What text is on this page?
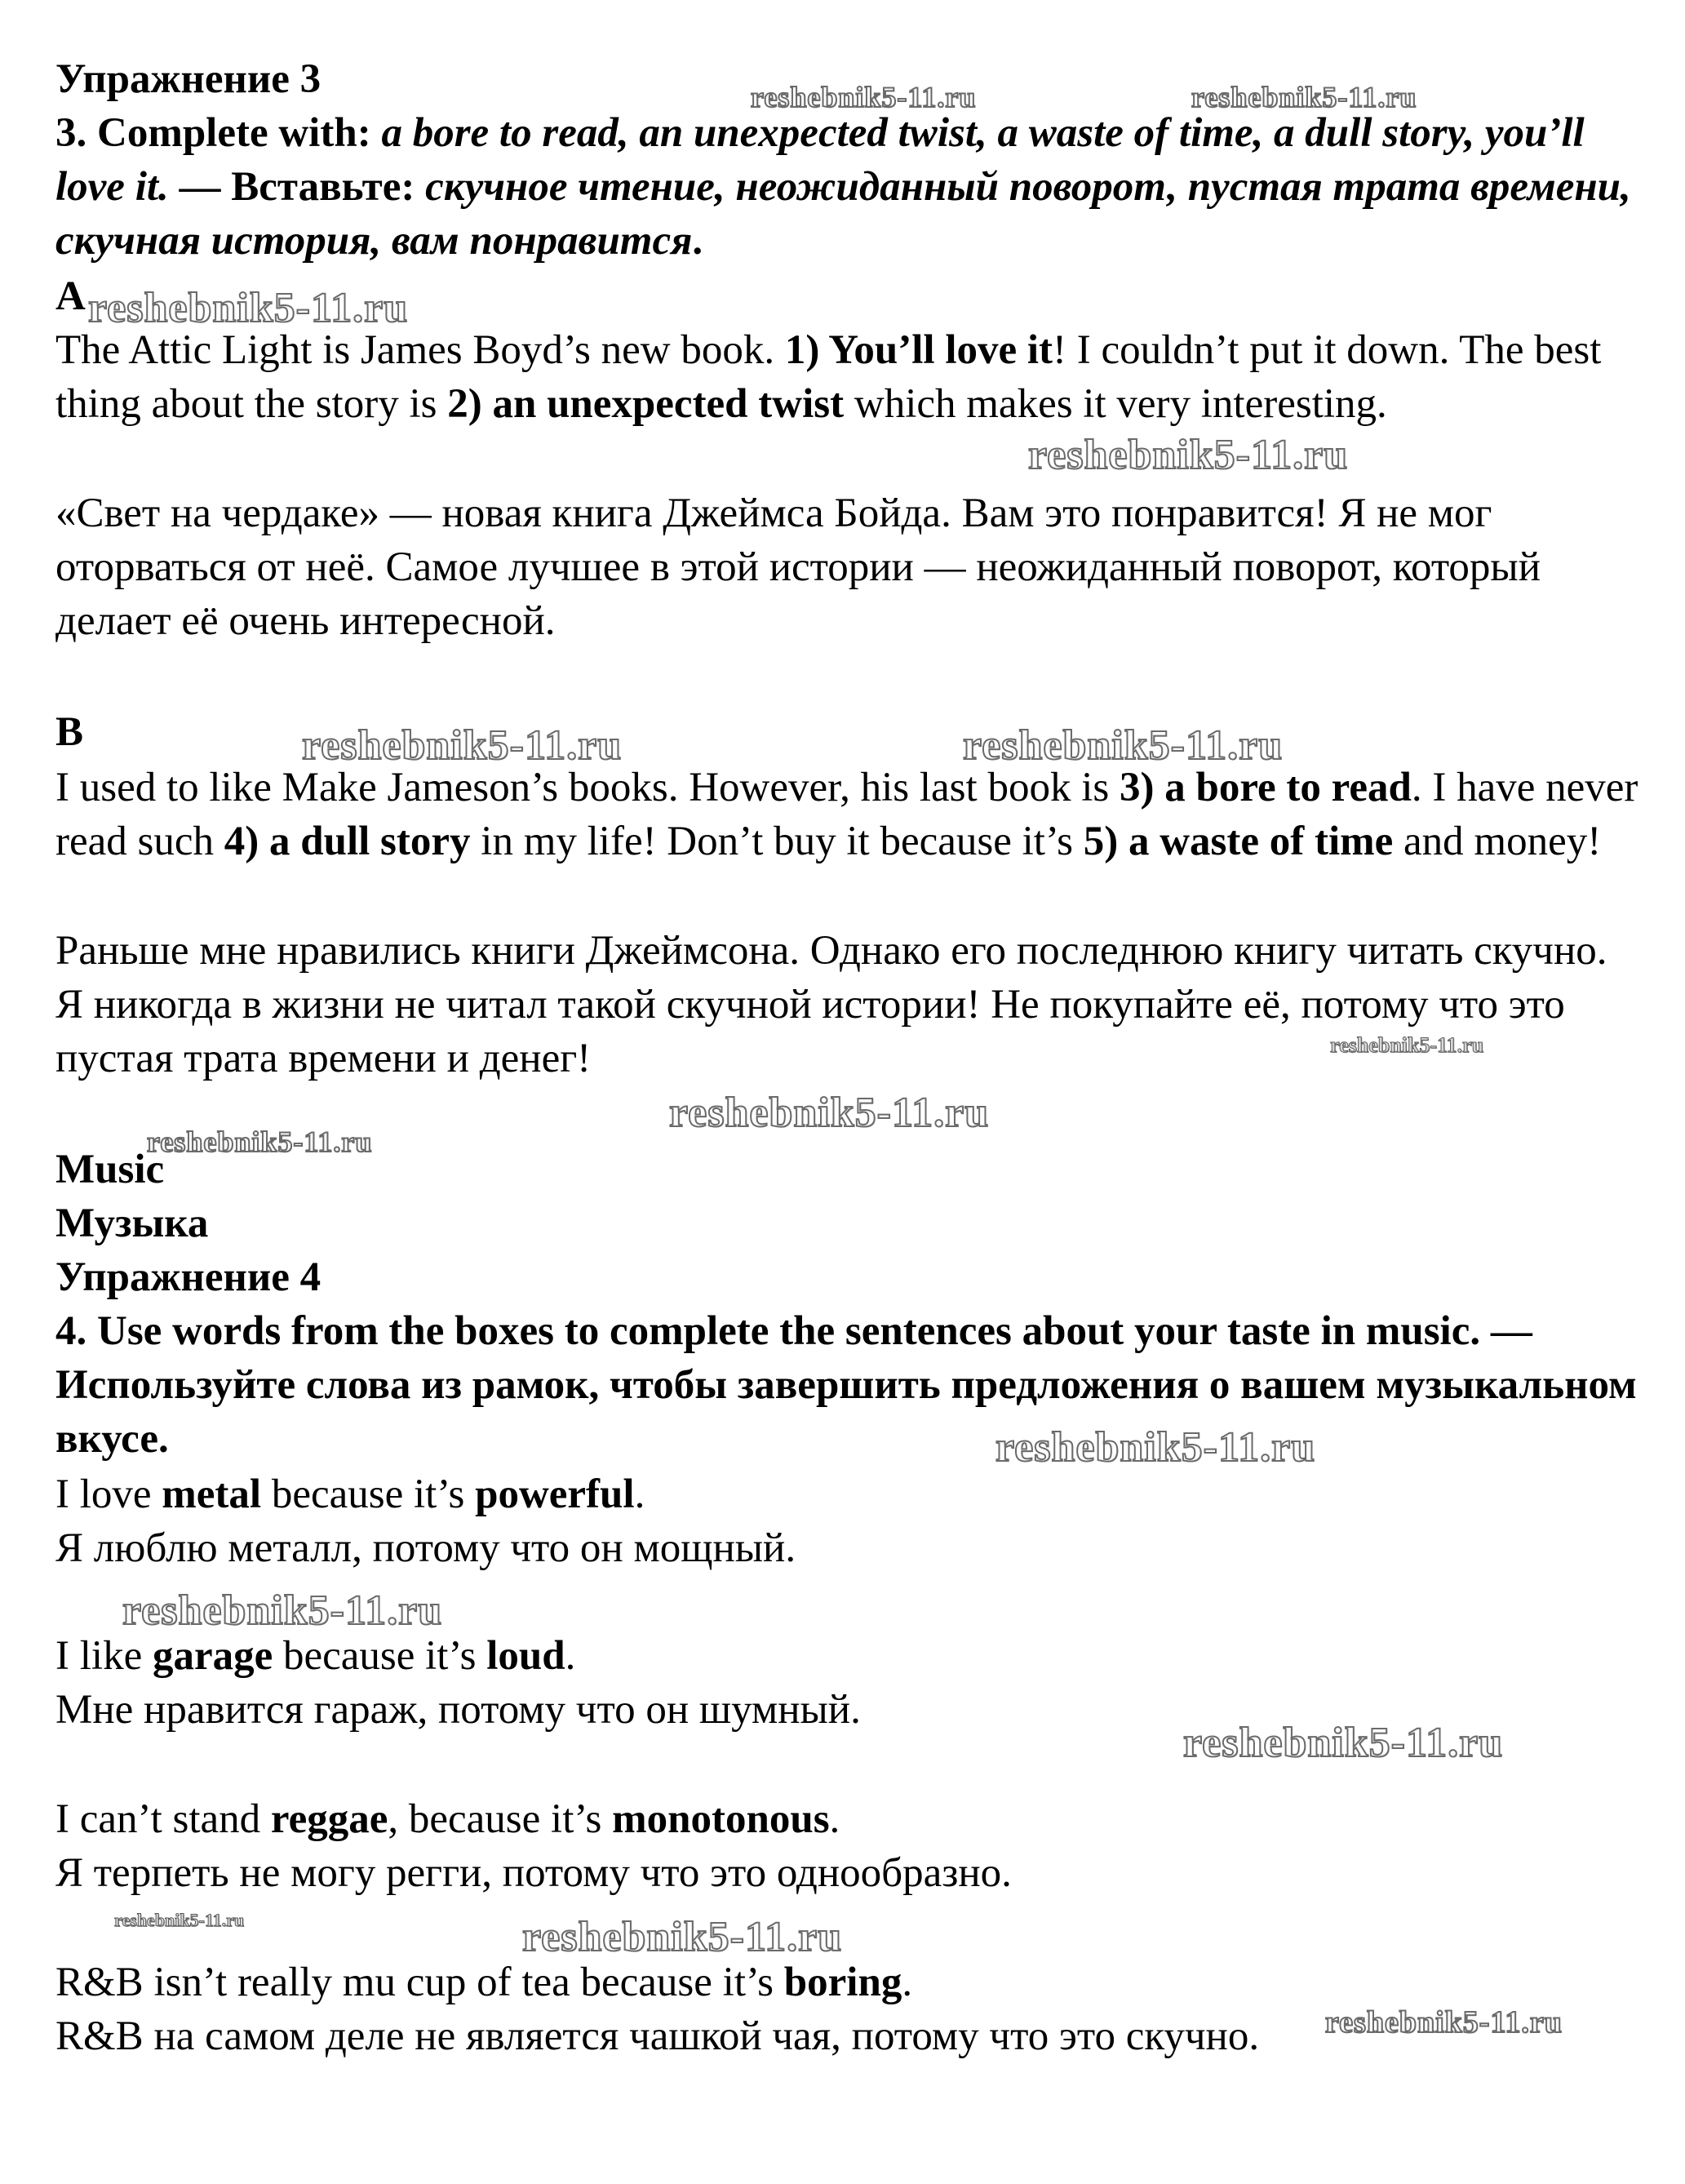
Упражнение 3
3. Complete with: a bore to read, an unexpected twist, a waste of time, a dull story, you’ll love it. — Вставьте: скучное чтение, неожиданный поворот, пустая трата времени, скучная история, вам понравится.
A
The Attic Light is James Boyd’s new book. 1) You’ll love it! I couldn’t put it down. The best thing about the story is 2) an unexpected twist which makes it very interesting.
«Свет на чердаке» — новая книга Джеймса Бойда. Вам это понравится! Я не мог оторваться от неё. Самое лучшее в этой истории — неожиданный поворот, который делает её очень интересной.
B
I used to like Make Jameson’s books. However, his last book is 3) a bore to read. I have never read such 4) a dull story in my life! Don’t buy it because it’s 5) a waste of time and money!
Раньше мне нравились книги Джеймсона. Однако его последнюю книгу читать скучно. Я никогда в жизни не читал такой скучной истории! Не покупайте её, потому что это пустая трата времени и денег!
Music
Музыка
Упражнение 4
4. Use words from the boxes to complete the sentences about your taste in music. — Используйте слова из рамок, чтобы завершить предложения о вашем музыкальном вкусе.
I love metal because it’s powerful.
Я люблю металл, потому что он мощный.
I like garage because it’s loud.
Мне нравится гараж, потому что он шумный.
I can’t stand reggae, because it’s monotonous.
Я терпеть не могу регги, потому что это однообразно.
R&B isn’t really mu cup of tea because it’s boring.
R&B на самом деле не является чашкой чая, потому что это скучно.
reshebnik5-11.ru	reshebnik5-11.ru
reshebnik5-11.ru
reshebnik5-11.ru
reshebnik5-11.ru	reshebnik5-11.ru
reshebnik5-11.ru
reshebnik5-11.ru
reshebnik5-11.ru
reshebnik5-11.ru
reshebnik5-11.ru
reshebnik5-11.ru
reshebnik5-11.ru	reshebnik5-11.ru
reshebnik5-11.ru
